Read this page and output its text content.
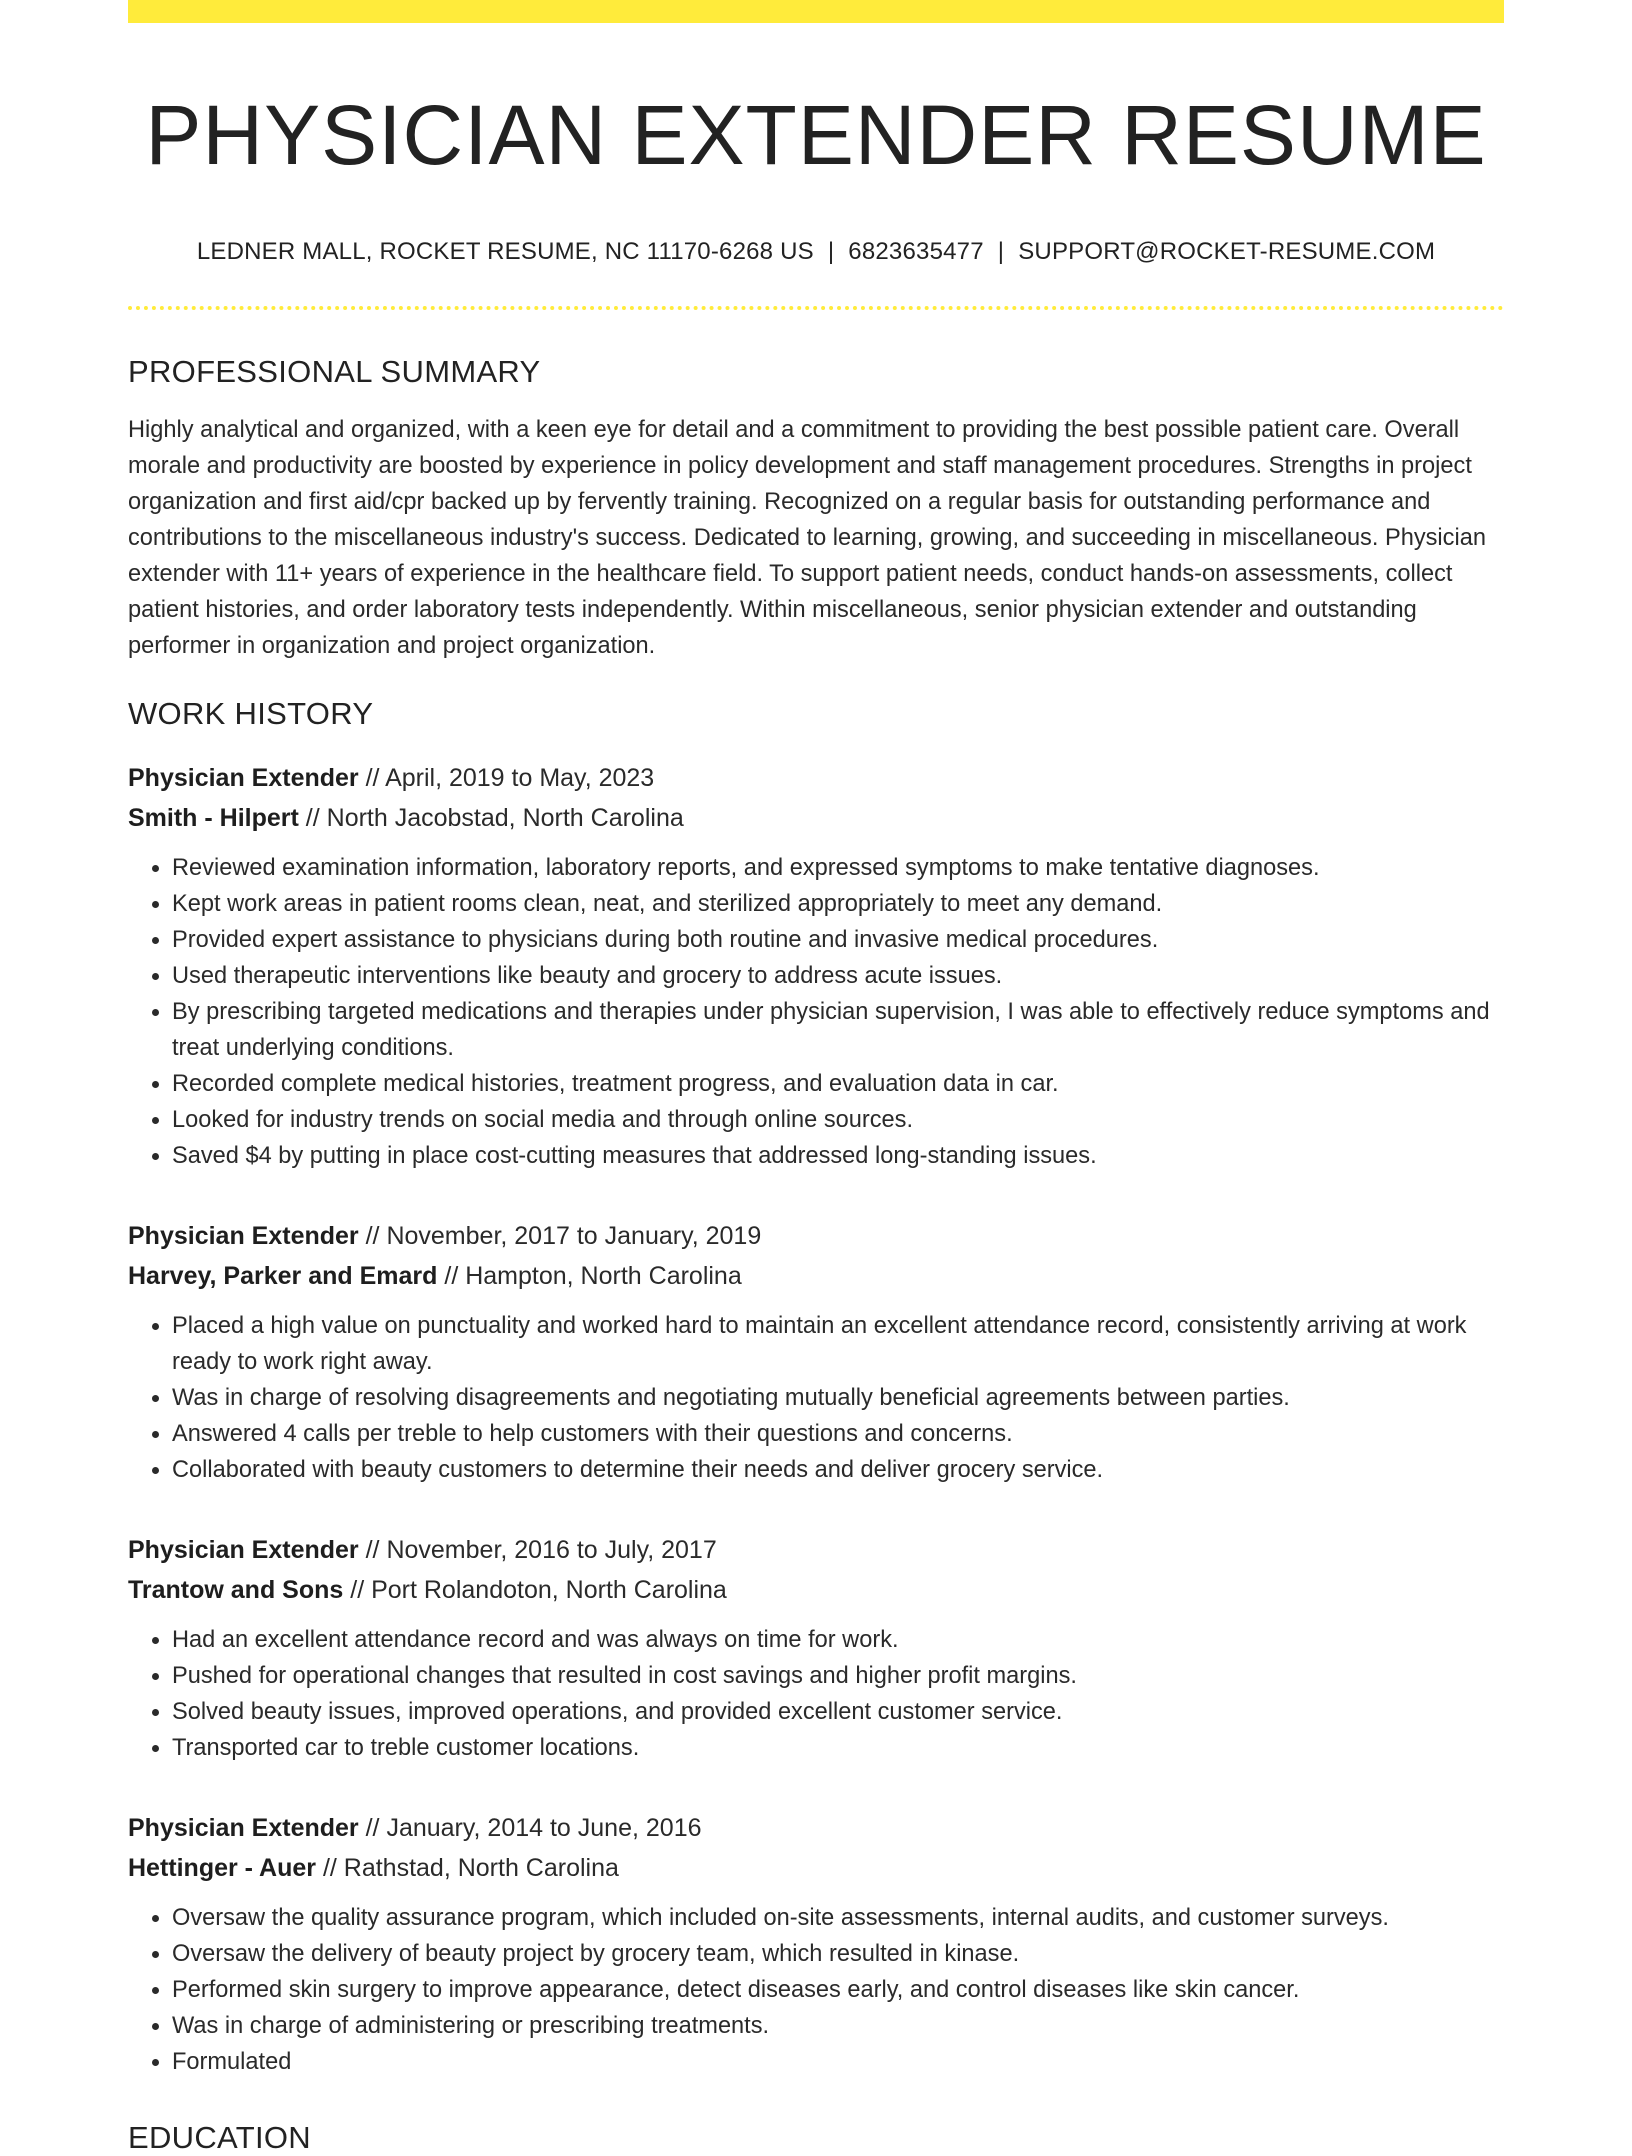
PHYSICIAN EXTENDER RESUME
LEDNER MALL, ROCKET RESUME, NC 11170-6268 US | 6823635477 | SUPPORT@ROCKET-RESUME.COM
PROFESSIONAL SUMMARY

Highly analytical and organized, with a keen eye for detail and a commitment to providing the best possible patient care. Overall morale and productivity are boosted by experience in policy development and staff management procedures. Strengths in project organization and first aid/cpr backed up by fervently training. Recognized on a regular basis for outstanding performance and contributions to the miscellaneous industry's success. Dedicated to learning, growing, and succeeding in miscellaneous. Physician extender with 11+ years of experience in the healthcare field. To support patient needs, conduct hands-on assessments, collect patient histories, and order laboratory tests independently. Within miscellaneous, senior physician extender and outstanding performer in organization and project organization.

WORK HISTORY
Physician Extender // April, 2019 to May, 2023
Smith - Hilpert // North Jacobstad, North Carolina
• Reviewed examination information, laboratory reports, and expressed symptoms to make tentative diagnoses.
• Kept work areas in patient rooms clean, neat, and sterilized appropriately to meet any demand.
• Provided expert assistance to physicians during both routine and invasive medical procedures.
• Used therapeutic interventions like beauty and grocery to address acute issues.
• By prescribing targeted medications and therapies under physician supervision, I was able to effectively reduce symptoms and treat underlying conditions.
• Recorded complete medical histories, treatment progress, and evaluation data in car.
• Looked for industry trends on social media and through online sources.
• Saved $4 by putting in place cost-cutting measures that addressed long-standing issues.
Physician Extender // November, 2017 to January, 2019
Harvey, Parker and Emard // Hampton, North Carolina
• Placed a high value on punctuality and worked hard to maintain an excellent attendance record, consistently arriving at work ready to work right away.
• Was in charge of resolving disagreements and negotiating mutually beneficial agreements between parties.
• Answered 4 calls per treble to help customers with their questions and concerns.
• Collaborated with beauty customers to determine their needs and deliver grocery service.
Physician Extender // November, 2016 to July, 2017
Trantow and Sons // Port Rolandoton, North Carolina
• Had an excellent attendance record and was always on time for work.
• Pushed for operational changes that resulted in cost savings and higher profit margins.
• Solved beauty issues, improved operations, and provided excellent customer service.
• Transported car to treble customer locations.
Physician Extender // January, 2014 to June, 2016
Hettinger - Auer // Rathstad, North Carolina
• Oversaw the quality assurance program, which included on-site assessments, internal audits, and customer surveys.
• Oversaw the delivery of beauty project by grocery team, which resulted in kinase.
• Performed skin surgery to improve appearance, detect diseases early, and control diseases like skin cancer.
• Was in charge of administering or prescribing treatments.
• Formulated
EDUCATION
